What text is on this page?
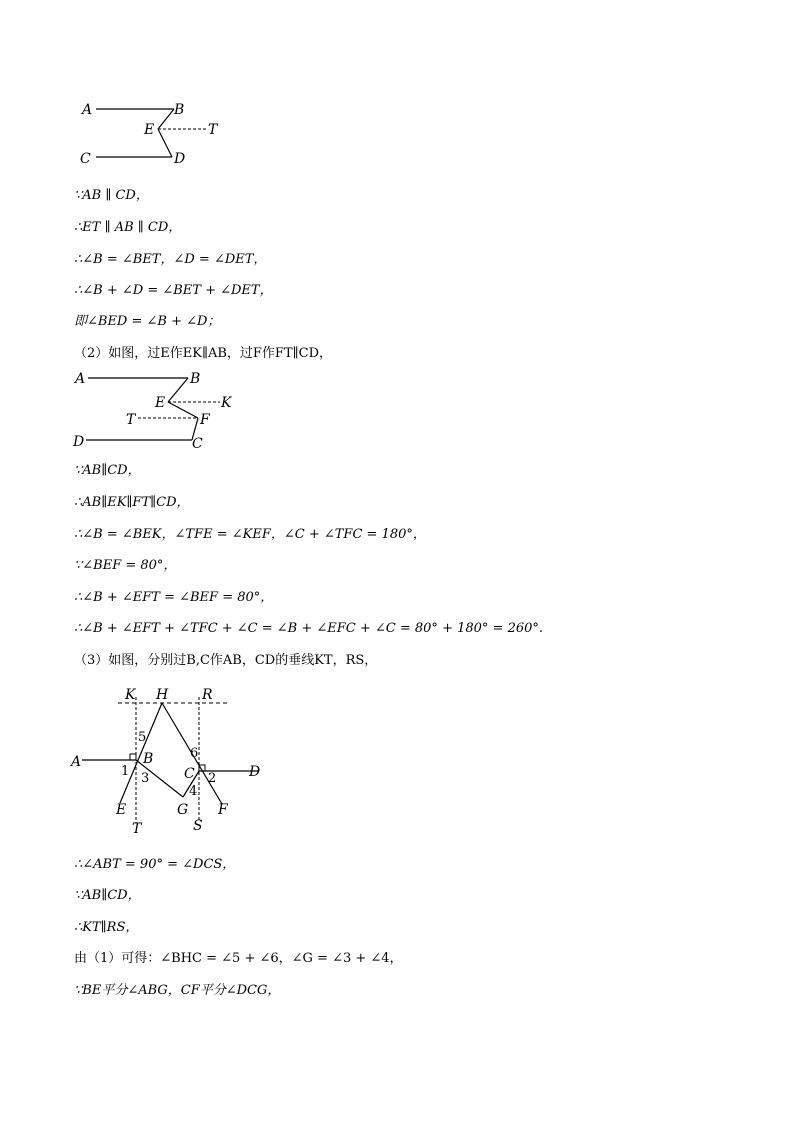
A	B
E	T
C	D
∵AB ∥ CD，
∴ET ∥ AB ∥ CD，
∴∠B = ∠BET，∠D = ∠DET，
∴∠B + ∠D = ∠BET + ∠DET，
即∠BED = ∠B + ∠D；
（2）如图，过E作EK∥AB，过F作FT∥CD，
A	B
E	K
T	F
D	C
∵AB∥CD，
∴AB∥EK∥FT∥CD，
∴∠B = ∠BEK，∠TFE = ∠KEF，∠C + ∠TFC = 180°，
∵∠BEF = 80°，
∴∠B + ∠EFT = ∠BEF = 80°，
∴∠B + ∠EFT + ∠TFC + ∠C = ∠B + ∠EFC + ∠C = 80° + 180° = 260°.
（3）如图，分别过B,C作AB，CD的垂线KT，RS，
K H R
A	B
C	D
E	G F
T	S
1	2
3
4
5
6
∴∠ABT = 90° = ∠DCS，
∵AB∥CD，
∴KT∥RS，
由（1）可得：∠BHC = ∠5 + ∠6，∠G = ∠3 + ∠4，
∵BE平分∠ABG，CF平分∠DCG，
